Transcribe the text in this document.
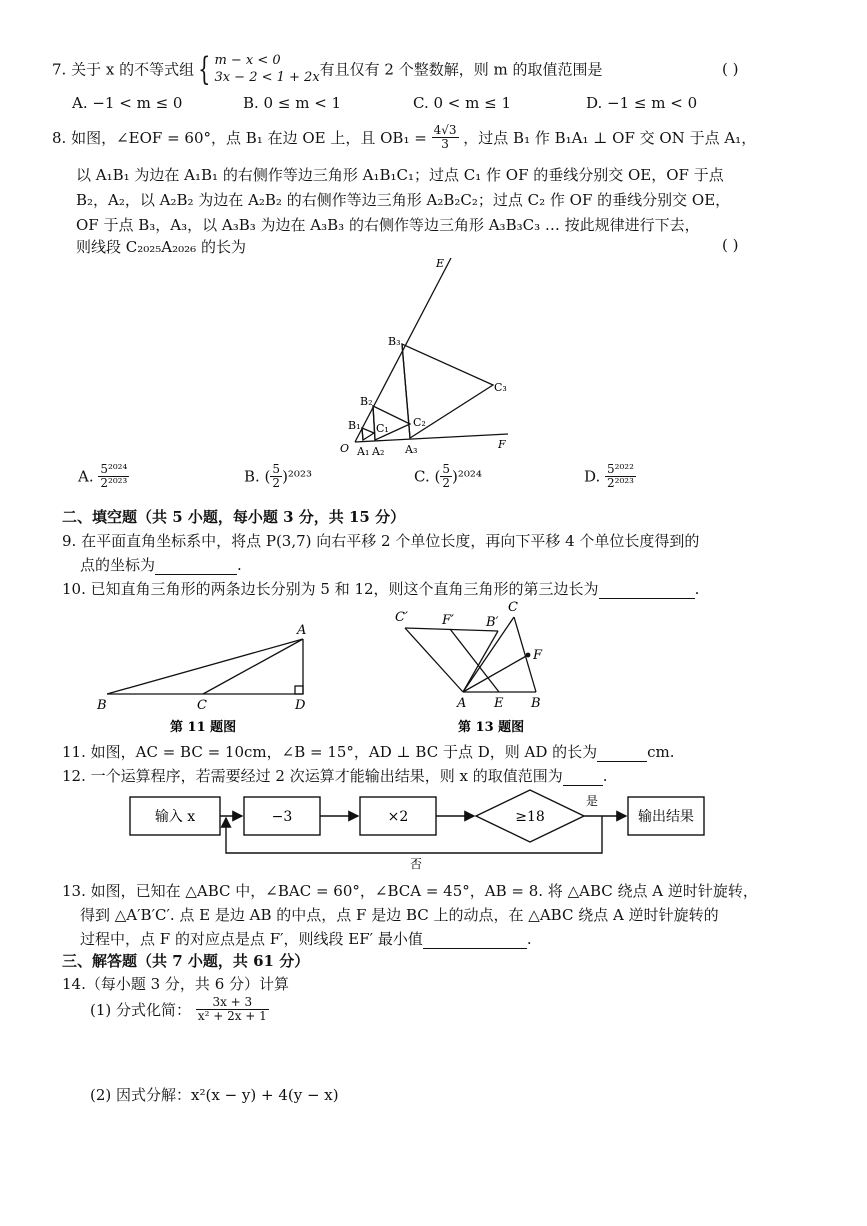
7. 关于 x 的不等式组 { m − x < 0
3x − 2 < 1 + 2x有且仅有 2 个整数解，则 m 的取值范围是	( )
A. −1 < m ≤ 0	B. 0 ≤ m < 1	C. 0 < m ≤ 1	D. −1 ≤ m < 0
8. 如图，∠EOF = 60°，点 B₁ 在边 OE 上，且 $OB_1 = \frac{4√3}{3}$ ，过点 B₁ 作 B₁A₁ ⊥ OF 交 ON 于点 A₁，
以 A₁B₁ 为边在 A₁B₁ 的右侧作等边三角形 A₁B₁C₁；过点 C₁ 作 OF 的垂线分别交 OE，OF 于点
B₂，A₂，以 A₂B₂ 为边在 A₂B₂ 的右侧作等边三角形 A₂B₂C₂；过点 C₂ 作 OF 的垂线分别交 OE，
OF 于点 B₃，A₃，以 A₃B₃ 为边在 A₃B₃ 的右侧作等边三角形 A₃B₃C₃ … 按此规律进行下去，
则线段 C₂₀₂₅A₂₀₂₆ 的长为	( )
E
F
O
B₁
B₂
B₃
A₁ A₂ A₃
C₁ C₂
C₃
A. $\frac{\text{5²⁰²⁴}}{\text{2²⁰²³}}$	B. ( $\frac{5}{2} )^{2023}$	C. ( $\frac{5}{2} )^{2024}$	D. $\frac{\text{5²⁰²²}}{\text{2²⁰²³}}$
二、填空题（共 5 小题，每小题 3 分，共 15 分）
9. 在平面直角坐标系中，将点 P(3,7) 向右平移 2 个单位长度，再向下平移 4 个单位长度得到的
点的坐标为	.
10. 已知直角三角形的两条边长分别为 5 和 12，则这个直角三角形的第三边长为	.
A
B	C	D
第 11 题图
C′	F′ B′
C
F
A E B
第 13 题图
11. 如图，AC = BC = 10cm，∠B = 15°，AD ⊥ BC 于点 D，则 AD 的长为	cm.
12. 一个运算程序，若需要经过 2 次运算才能输出结果，则 x 的取值范围为	.
输入 x	−3	×2	≥18	输出结果
是
否
13. 如图，已知在 △ABC 中，∠BAC = 60°，∠BCA = 45°，AB = 8. 将 △ABC 绕点 A 逆时针旋转，
得到 △A′B′C′. 点 E 是边 AB 的中点，点 F 是边 BC 上的动点，在 △ABC 绕点 A 逆时针旋转的
过程中，点 F 的对应点是点 F′，则线段 EF′ 最小值	.
三、解答题（共 7 小题，共 61 分）
14.（每小题 3 分，共 6 分）计算
(1) 分式化简： $\frac{3x + 3}{\text{x² + 2x + 1}}$
(2) 因式分解：x²(x − y) + 4(y − x)
